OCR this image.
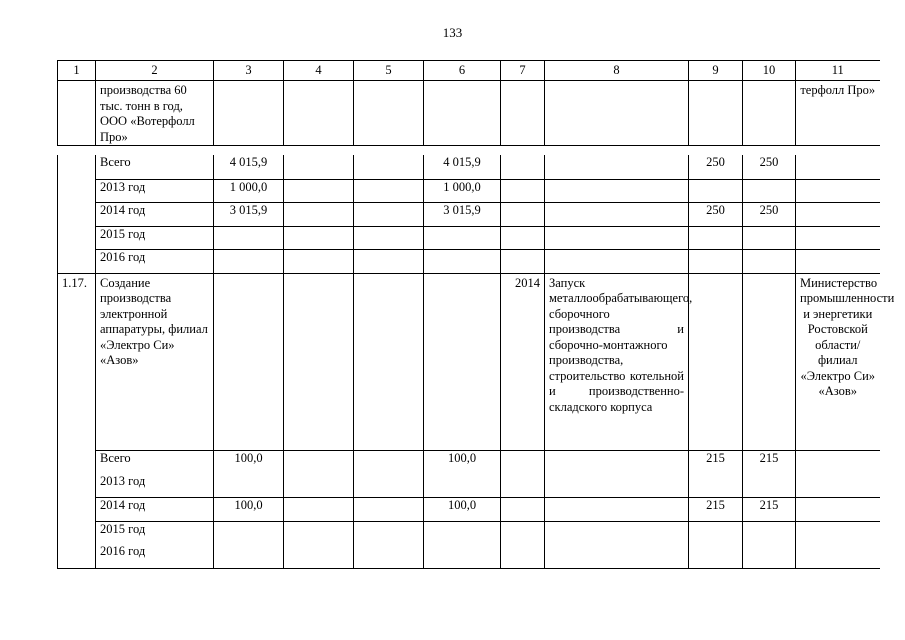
133
1	2	3	4	5	6	7	8	9	10	11

	производства 60 тыс. тонн в год, ООО «Вотерфолл Про»									терфолл Про»

	Всего	4 015,9			4 015,9			250	250	
	2013 год	1 000,0			1 000,0					
	2014 год	3 015,9			3 015,9			250	250	
	2015 год									
	2016 год									

1.17.	Создание производства электронной аппаратуры, филиал «Электро Си» «Азов»					2014	Запуск металлообрабатывающего, сборочного производства и сборочно-монтажного производства, строительство котельной и производственно-складского корпуса			Министерство промышленности и энергетики Ростовской области/ филиал «Электро Си» «Азов»

	Всего	100,0			100,0			215	215	
	2013 год									
	2014 год	100,0			100,0			215	215	
	2015 год									
	2016 год									
